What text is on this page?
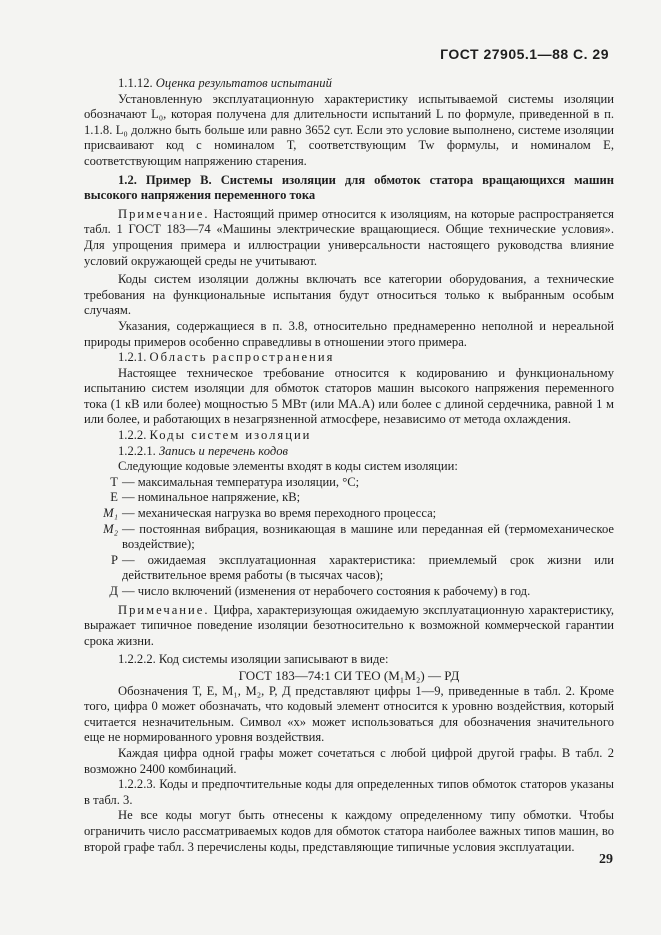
ГОСТ 27905.1—88 С. 29

1.1.12. Оценка результатов испытаний

Установленную эксплуатационную характеристику испытываемой системы изоляции обозначают L₀, которая получена для длительности испытаний L по формуле, приведенной в п. 1.1.8. L₀ должно быть больше или равно 3652 сут. Если это условие выполнено, системе изоляции присваивают код с номиналом Т, соответствующим Tw формулы, и номиналом Е, соответствующим напряжению старения.

1.2. Пример В. Системы изоляции для обмоток статора вращающихся машин высокого напряжения переменного тока

Примечание. Настоящий пример относится к изоляциям, на которые распространяется табл. 1 ГОСТ 183—74 «Машины электрические вращающиеся. Общие технические условия». Для упрощения примера и иллюстрации универсальности настоящего руководства влияние условий окружающей среды не учитывают.

Коды систем изоляции должны включать все категории оборудования, а технические требования на функциональные испытания будут относиться только к выбранным особым случаям.

Указания, содержащиеся в п. 3.8, относительно преднамеренно неполной и нереальной природы примеров особенно справедливы в отношении этого примера.

1.2.1. Область распространения

Настоящее техническое требование относится к кодированию и функциональному испытанию систем изоляции для обмоток статоров машин высокого напряжения переменного тока (1 кВ или более) мощностью 5 МВт (или МА.А) или более с длиной сердечника, равной 1 м или более, и работающих в незагрязненной атмосфере, независимо от метода охлаждения.

1.2.2. Коды систем изоляции

1.2.2.1. Запись и перечень кодов

Следующие кодовые элементы входят в коды систем изоляции:

Т — максимальная температура изоляции, °С;
Е — номинальное напряжение, кВ;
M₁ — механическая нагрузка во время переходного процесса;
M₂ — постоянная вибрация, возникающая в машине или переданная ей (термомеханическое воздействие);
Р — ожидаемая эксплуатационная характеристика: приемлемый срок жизни или действительное время работы (в тысячах часов);
Д — число включений (изменения от нерабочего состояния к рабочему) в год.

Примечание. Цифра, характеризующая ожидаемую эксплуатационную характеристику, выражает типичное поведение изоляции безотносительно к возможной коммерческой гарантии срока жизни.

1.2.2.2. Код системы изоляции записывают в виде:

ГОСТ 183—74:1 СИ ТЕО (M₁M₂) — РД

Обозначения Т, Е, M₁, M₂, Р, Д представляют цифры 1—9, приведенные в табл. 2. Кроме того, цифра 0 может обозначать, что кодовый элемент относится к уровню воздействия, который считается незначительным. Символ «х» может использоваться для обозначения значительного еще не нормированного уровня воздействия.

Каждая цифра одной графы может сочетаться с любой цифрой другой графы. В табл. 2 возможно 2400 комбинаций.

1.2.2.3. Коды и предпочтительные коды для определенных типов обмоток статоров указаны в табл. 3.

Не все коды могут быть отнесены к каждому определенному типу обмотки. Чтобы ограничить число рассматриваемых кодов для обмоток статора наиболее важных типов машин, во второй графе табл. 3 перечислены коды, представляющие типичные условия эксплуатации.

29
